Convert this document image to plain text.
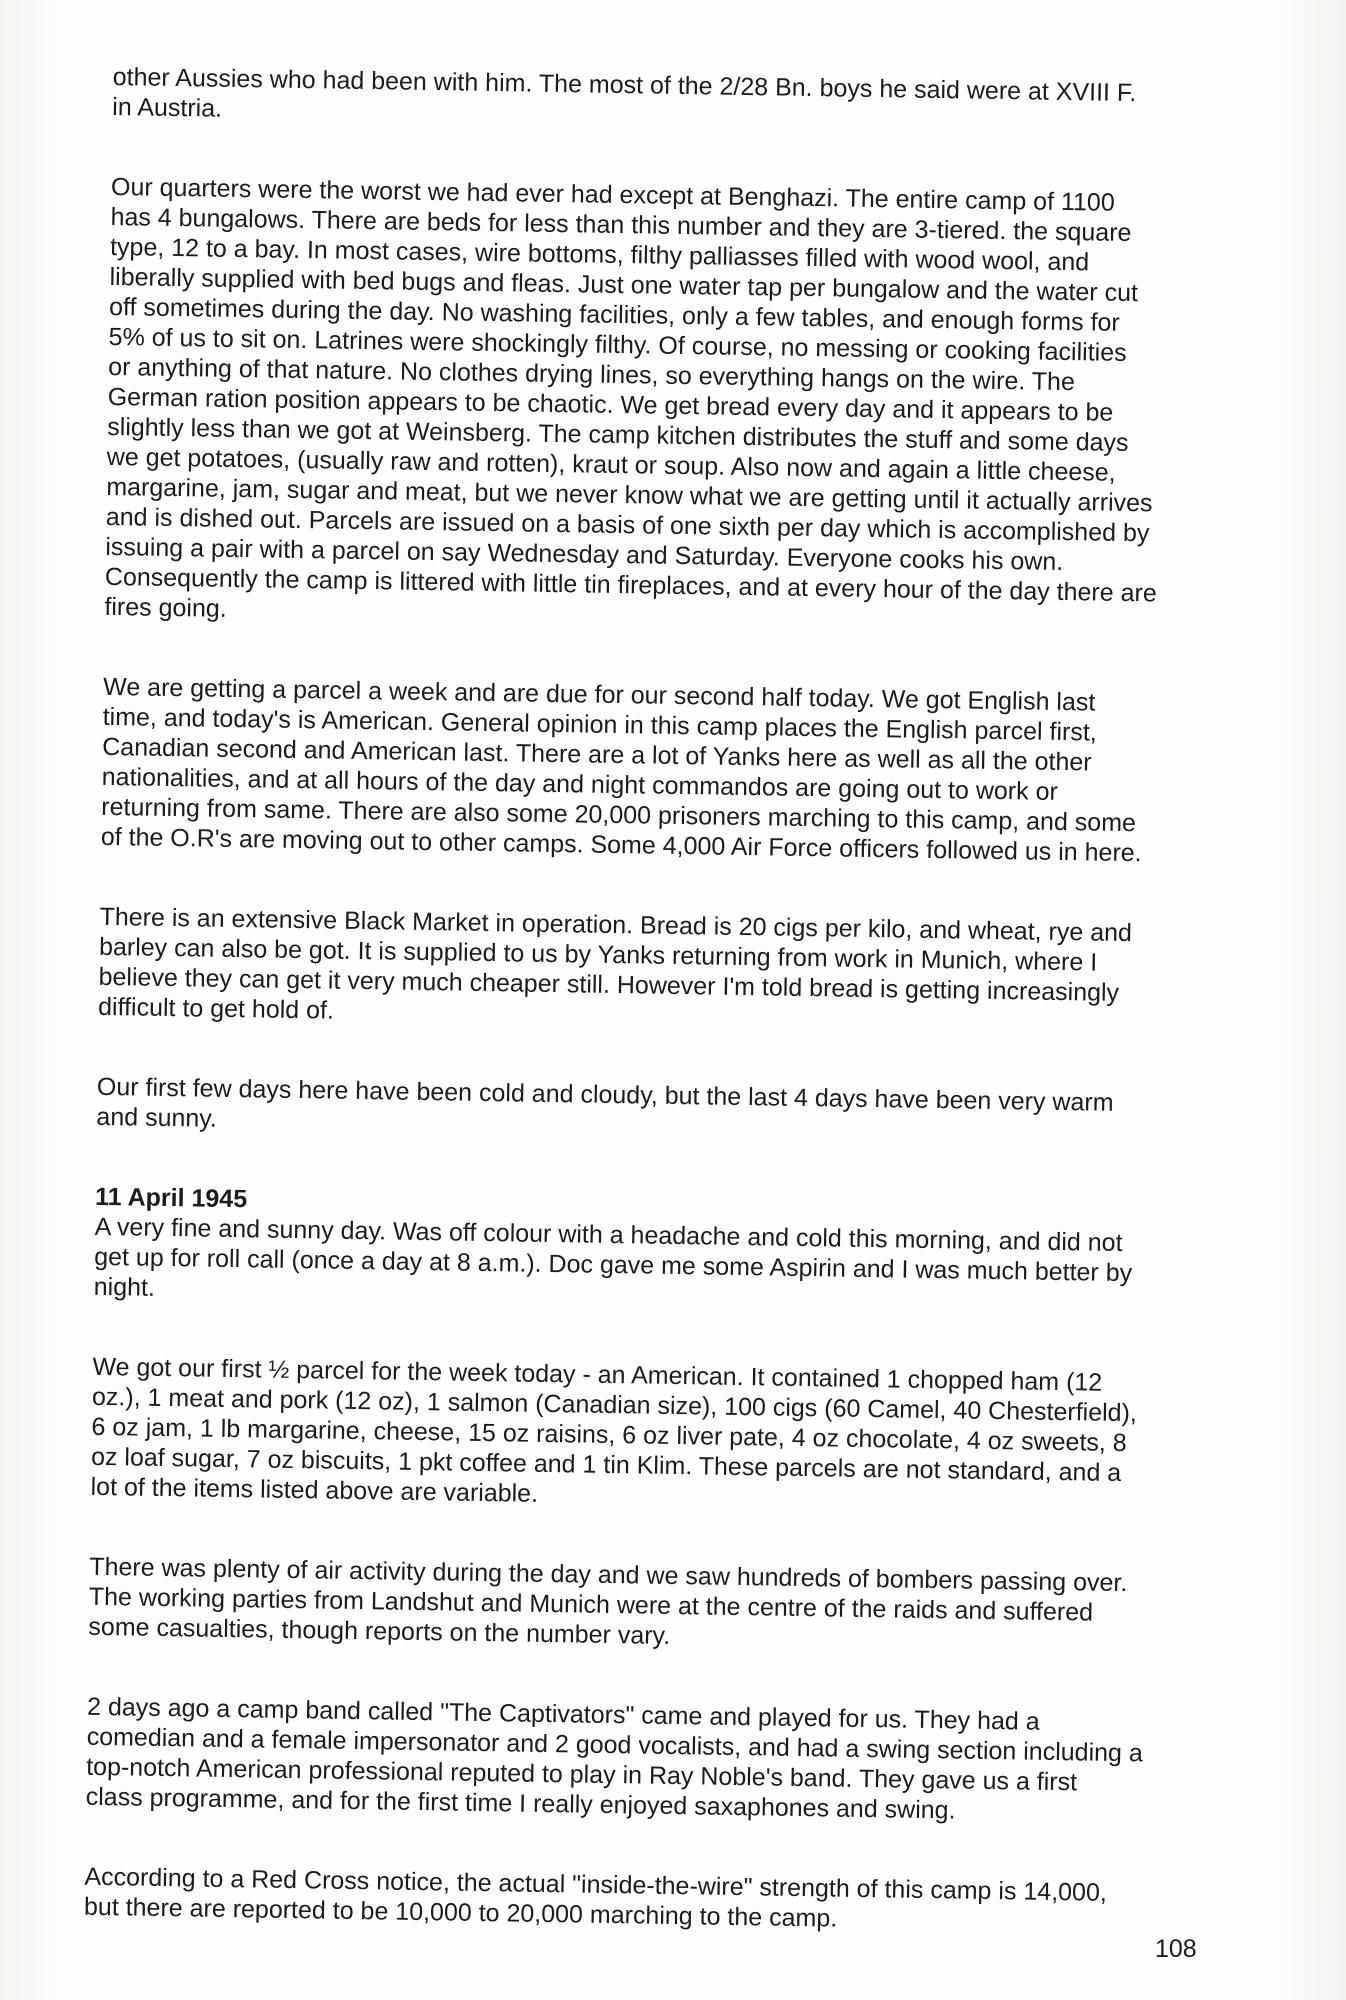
other Aussies who had been with him. The most of the 2/28 Bn. boys he said were at XVIII F.
in Austria.

Our quarters were the worst we had ever had except at Benghazi. The entire camp of 1100
has 4 bungalows. There are beds for less than this number and they are 3-tiered. the square
type, 12 to a bay. In most cases, wire bottoms, filthy palliasses filled with wood wool, and
liberally supplied with bed bugs and fleas. Just one water tap per bungalow and the water cut
off sometimes during the day. No washing facilities, only a few tables, and enough forms for
5% of us to sit on. Latrines were shockingly filthy. Of course, no messing or cooking facilities
or anything of that nature. No clothes drying lines, so everything hangs on the wire. The
German ration position appears to be chaotic. We get bread every day and it appears to be
slightly less than we got at Weinsberg. The camp kitchen distributes the stuff and some days
we get potatoes, (usually raw and rotten), kraut or soup. Also now and again a little cheese,
margarine, jam, sugar and meat, but we never know what we are getting until it actually arrives
and is dished out. Parcels are issued on a basis of one sixth per day which is accomplished by
issuing a pair with a parcel on say Wednesday and Saturday. Everyone cooks his own.
Consequently the camp is littered with little tin fireplaces, and at every hour of the day there are
fires going.

We are getting a parcel a week and are due for our second half today. We got English last
time, and today's is American. General opinion in this camp places the English parcel first,
Canadian second and American last. There are a lot of Yanks here as well as all the other
nationalities, and at all hours of the day and night commandos are going out to work or
returning from same. There are also some 20,000 prisoners marching to this camp, and some
of the O.R's are moving out to other camps. Some 4,000 Air Force officers followed us in here.

There is an extensive Black Market in operation. Bread is 20 cigs per kilo, and wheat, rye and
barley can also be got. It is supplied to us by Yanks returning from work in Munich, where I
believe they can get it very much cheaper still. However I'm told bread is getting increasingly
difficult to get hold of.

Our first few days here have been cold and cloudy, but the last 4 days have been very warm
and sunny.

11 April 1945

A very fine and sunny day. Was off colour with a headache and cold this morning, and did not
get up for roll call (once a day at 8 a.m.). Doc gave me some Aspirin and I was much better by
night.

We got our first ½ parcel for the week today - an American. It contained 1 chopped ham (12
oz.), 1 meat and pork (12 oz), 1 salmon (Canadian size), 100 cigs (60 Camel, 40 Chesterfield),
6 oz jam, 1 lb margarine, cheese, 15 oz raisins, 6 oz liver pate, 4 oz chocolate, 4 oz sweets, 8
oz loaf sugar, 7 oz biscuits, 1 pkt coffee and 1 tin Klim. These parcels are not standard, and a
lot of the items listed above are variable.

There was plenty of air activity during the day and we saw hundreds of bombers passing over.
The working parties from Landshut and Munich were at the centre of the raids and suffered
some casualties, though reports on the number vary.

2 days ago a camp band called "The Captivators" came and played for us. They had a
comedian and a female impersonator and 2 good vocalists, and had a swing section including a
top-notch American professional reputed to play in Ray Noble's band. They gave us a first
class programme, and for the first time I really enjoyed saxaphones and swing.

According to a Red Cross notice, the actual "inside-the-wire" strength of this camp is 14,000,
but there are reported to be 10,000 to 20,000 marching to the camp.

108
